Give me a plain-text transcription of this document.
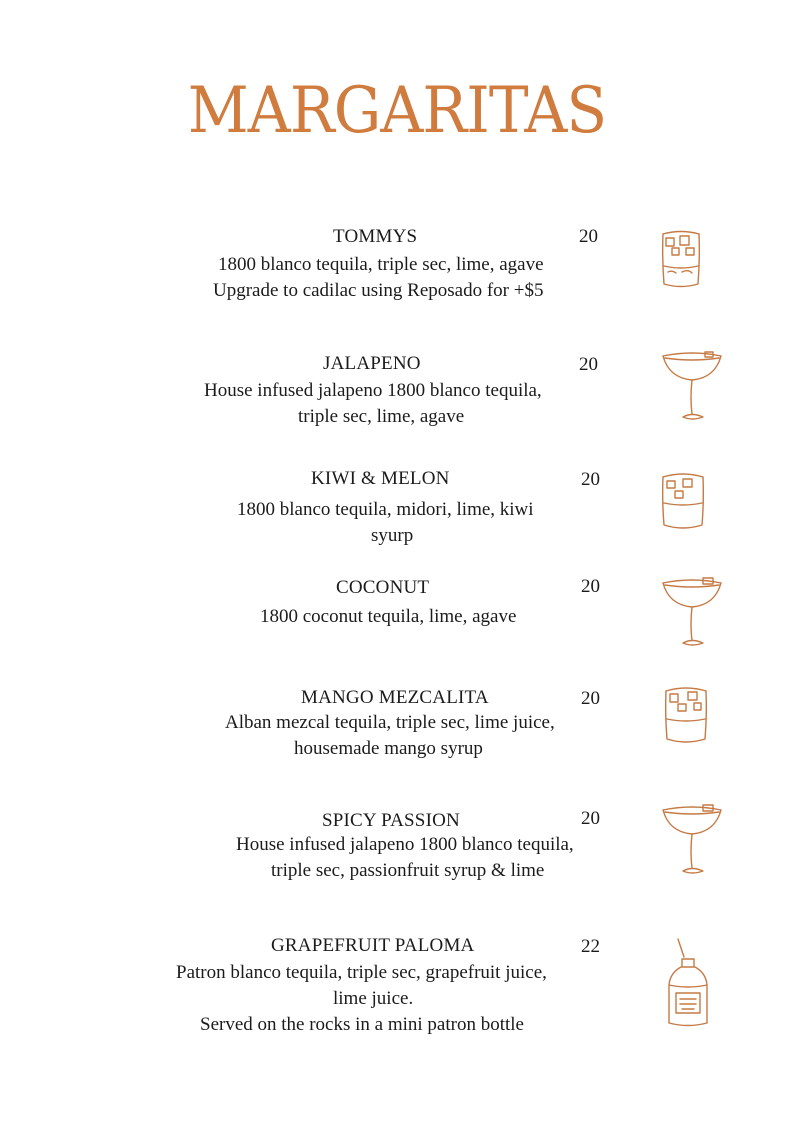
MARGARITAS
TOMMYS	20
1800 blanco tequila, triple sec, lime, agave
Upgrade to cadilac using Reposado for +$5
JALAPENO	20
House infused jalapeno 1800 blanco tequila,
triple sec, lime, agave
KIWI & MELON	20
1800 blanco tequila, midori, lime, kiwi
syurp
COCONUT	20
1800 coconut tequila, lime, agave
MANGO MEZCALITA	20
Alban mezcal tequila, triple sec, lime juice,
housemade mango syrup
SPICY PASSION	20
House infused jalapeno 1800 blanco tequila,
triple sec, passionfruit syrup & lime
GRAPEFRUIT PALOMA	22
Patron blanco tequila, triple sec, grapefruit juice,
lime juice.
Served on the rocks in a mini patron bottle
